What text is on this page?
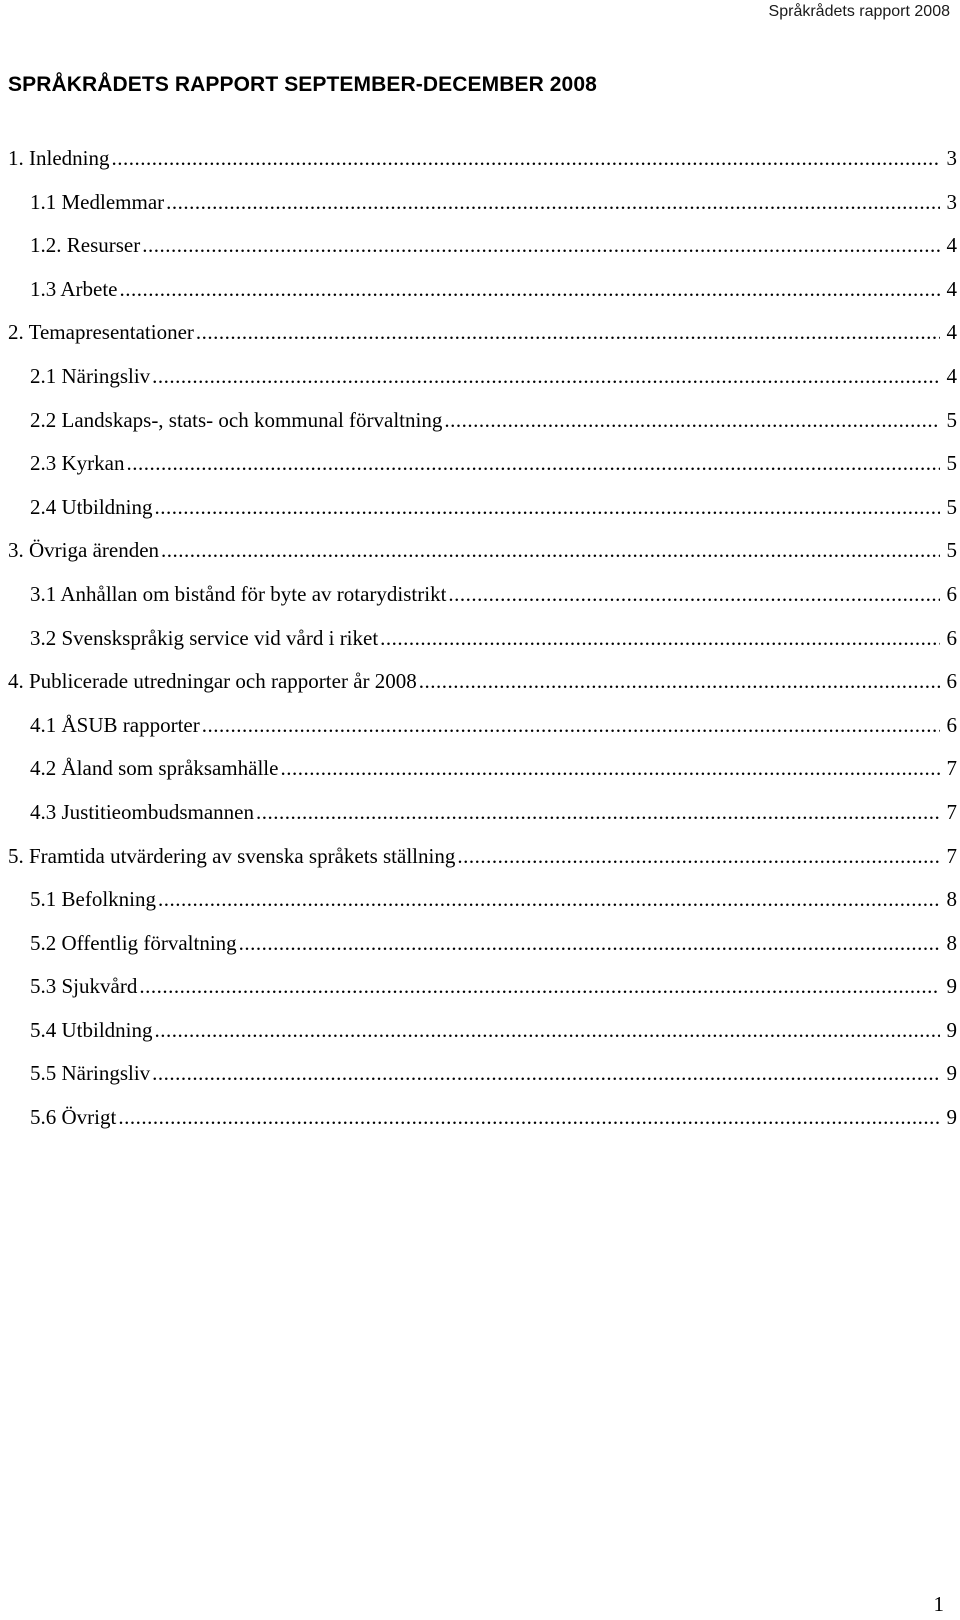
Språkrådets rapport 2008
SPRÅKRÅDETS RAPPORT SEPTEMBER-DECEMBER 2008
1. Inledning .....	3
1.1 Medlemmar .....	3
1.2. Resurser .....	4
1.3 Arbete .....	4
2. Temapresentationer .....	4
2.1 Näringsliv .....	4
2.2 Landskaps-, stats- och kommunal förvaltning .....	5
2.3 Kyrkan .....	5
2.4 Utbildning .....	5
3. Övriga ärenden .....	5
3.1 Anhållan om bistånd för byte av rotarydistrikt .....	6
3.2 Svenskspråkig service vid vård i riket .....	6
4. Publicerade utredningar och rapporter år 2008 .....	6
4.1 ÅSUB rapporter .....	6
4.2 Åland som språksamhälle .....	7
4.3 Justitieombudsmannen .....	7
5. Framtida utvärdering av svenska språkets ställning .....	7
5.1 Befolkning .....	8
5.2 Offentlig förvaltning .....	8
5.3 Sjukvård .....	9
5.4 Utbildning .....	9
5.5 Näringsliv .....	9
5.6 Övrigt .....	9
1
